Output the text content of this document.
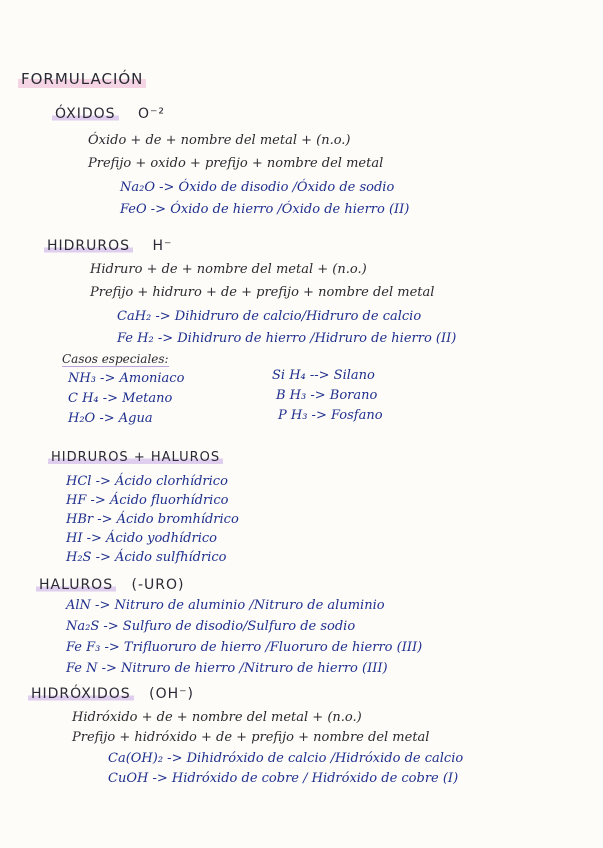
FORMULACIÓN
ÓXIDOS O⁻²
Óxido + de + nombre del metal + (n.o.)
Prefijo + oxido + prefijo + nombre del metal
Na₂O -> Óxido de disodio /Óxido de sodio
FeO -> Óxido de hierro /Óxido de hierro (II)
HIDRUROS H⁻
Hidruro + de + nombre del metal + (n.o.)
Prefijo + hidruro + de + prefijo + nombre del metal
CaH₂ -> Dihidruro de calcio/Hidruro de calcio
Fe H₂ -> Dihidruro de hierro /Hidruro de hierro (II)
Casos especiales:
NH₃ -> Amoniaco
C H₄ -> Metano
H₂O -> Agua
Si H₄ --> Silano
B H₃ -> Borano
P H₃ -> Fosfano
HIDRUROS + HALUROS
HCl -> Ácido clorhídrico
HF -> Ácido fluorhídrico
HBr -> Ácido bromhídrico
HI -> Ácido yodhídrico
H₂S -> Ácido sulfhídrico
HALUROS (-URO)
AlN -> Nitruro de aluminio /Nitruro de aluminio
Na₂S -> Sulfuro de disodio/Sulfuro de sodio
Fe F₃ -> Trifluoruro de hierro /Fluoruro de hierro (III)
Fe N -> Nitruro de hierro /Nitruro de hierro (III)
HIDRÓXIDOS (OH⁻)
Hidróxido + de + nombre del metal + (n.o.)
Prefijo + hidróxido + de + prefijo + nombre del metal
Ca(OH)₂ -> Dihidróxido de calcio /Hidróxido de calcio
CuOH -> Hidróxido de cobre / Hidróxido de cobre (I)
